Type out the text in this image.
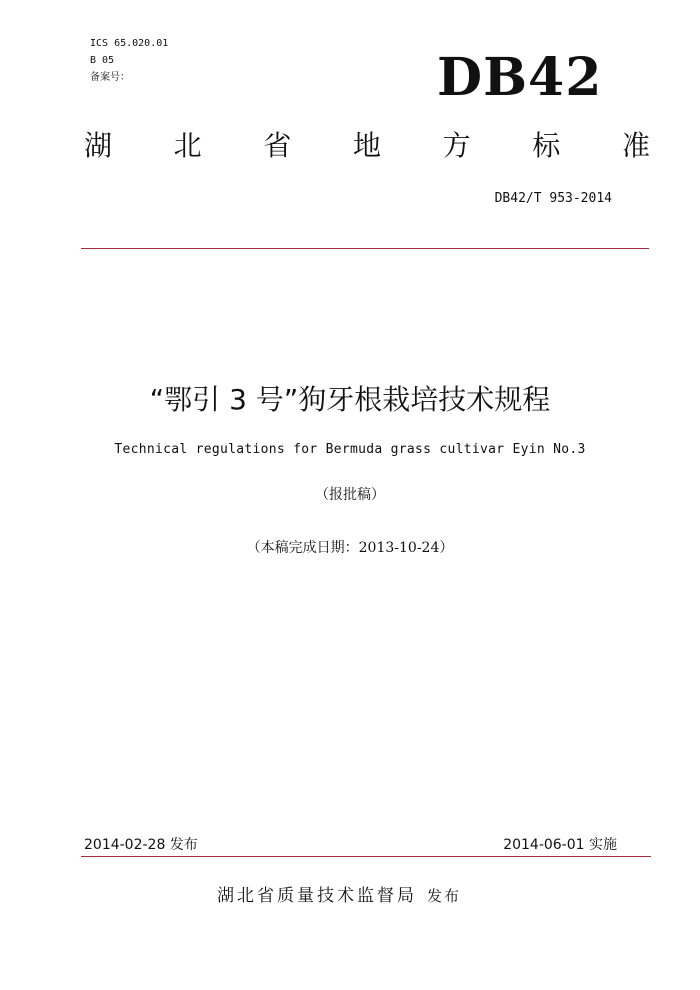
ICS 65.020.01
B 05
备案号：	DB42
湖 北 省 地 方 标 准
DB42/T 953-2014
“鄂引 3 号”狗牙根栽培技术规程
Technical regulations for Bermuda grass cultivar Eyin No.3
（报批稿）
（本稿完成日期：2013-10-24）
2014-02-28 发布	2014-06-01 实施
湖北省质量技术监督局 发布
